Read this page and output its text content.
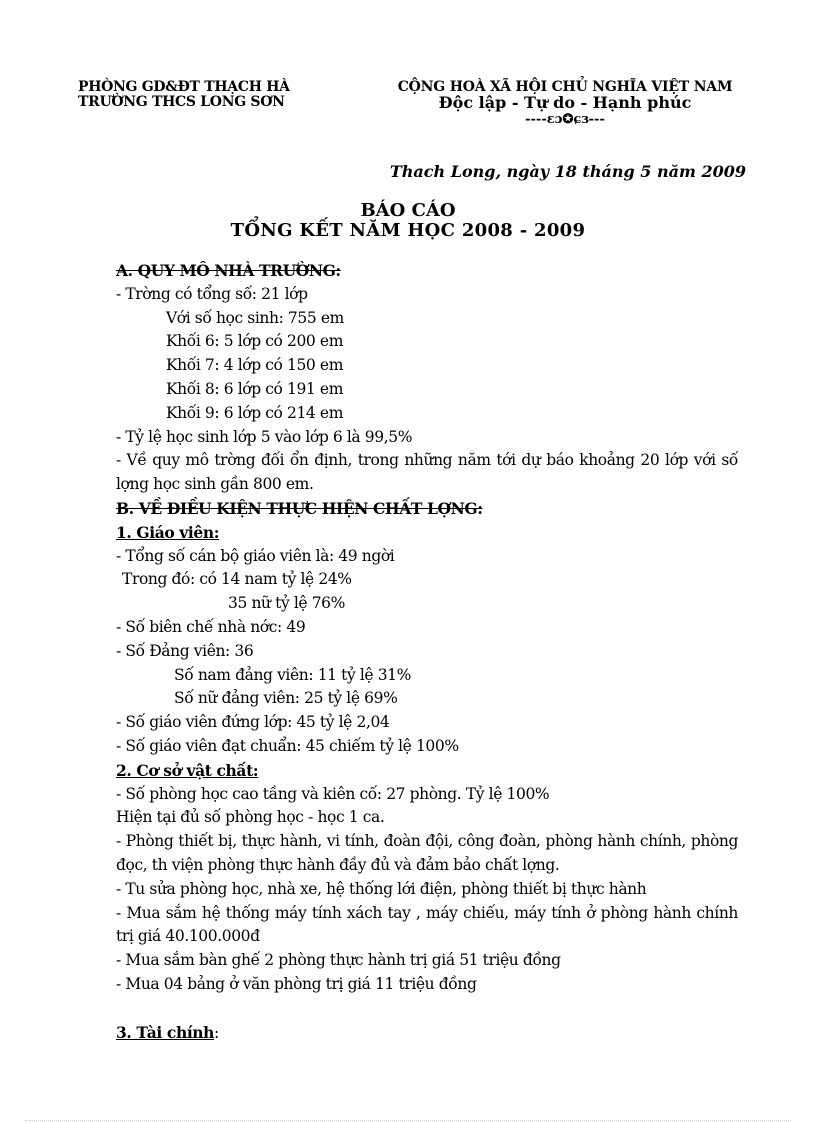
PHÒNG GD&ĐT THẠCH HÀ
TRƯỜNG THCS LONG SƠN
CỘNG HOÀ XÃ HỘI CHỦ NGHĨA VIỆT NAM
Độc lập - Tự do - Hạnh phúc
----ɛɔ✪ɕɜ---
Thach Long, ngày 18 tháng 5 năm 2009
BÁO CÁO
TỔNG KẾT NĂM HỌC 2008 - 2009

A. QUY MÔ NHÀ TRƯỜNG:

- Trờng có tổng số: 21 lớp

Với số học sinh: 755 em

Khối 6: 5 lớp có 200 em

Khối 7: 4 lớp có 150 em

Khối 8: 6 lớp có 191 em

Khối 9: 6 lớp có 214 em

- Tỷ lệ học sinh lớp 5 vào lớp 6 là 99,5%

- Về quy mô trờng đối ổn định, trong những năm tới dự báo khoảng 20 lớp với số lợng học sinh gần 800 em.

B. VỀ ĐIỀU KIỆN THỰC HIỆN CHẤT LỢNG:

1. Giáo viên:

- Tổng số cán bộ giáo viên là: 49 ngời

Trong đó: có 14 nam tỷ lệ 24%

35 nữ tỷ lệ 76%

- Số biên chế nhà nớc: 49

- Số Đảng viên: 36

Số nam đảng viên: 11 tỷ lệ 31%

Số nữ đảng viên: 25 tỷ lệ 69%

- Số giáo viên đứng lớp: 45 tỷ lệ 2,04

- Số giáo viên đạt chuẩn: 45 chiếm tỷ lệ 100%

2. Cơ sở vật chất:

- Số phòng học cao tầng và kiên cố: 27 phòng. Tỷ lệ 100%

Hiện tại đủ số phòng học - học 1 ca.

- Phòng thiết bị, thực hành, vi tính, đoàn đội, công đoàn, phòng hành chính, phòng đọc, th viện phòng thực hành đầy đủ và đảm bảo chất lợng.

- Tu sửa phòng học, nhà xe, hệ thống lới điện, phòng thiết bị thực hành

- Mua sắm hệ thống máy tính xách tay , máy chiếu, máy tính ở phòng hành chính trị giá 40.100.000đ

- Mua sắm bàn ghế 2 phòng thực hành trị giá 51 triệu đồng

- Mua 04 bảng ở văn phòng trị giá 11 triệu đồng

3. Tài chính:
